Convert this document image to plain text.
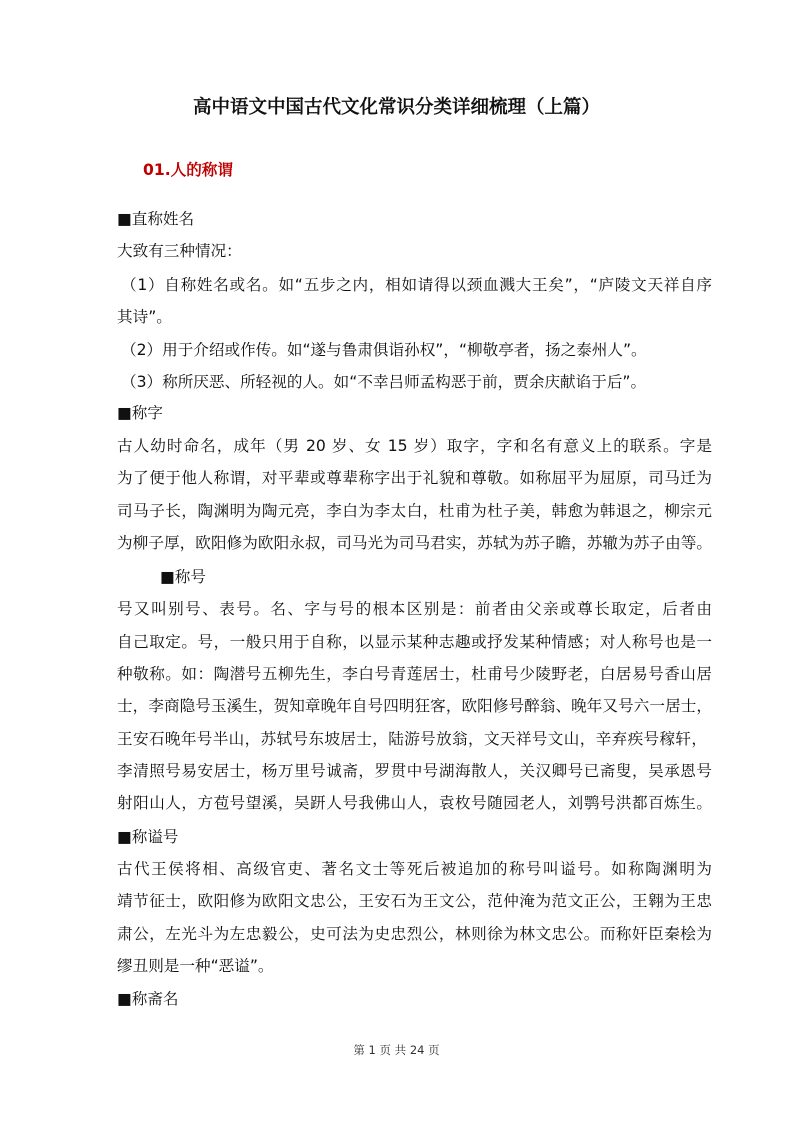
高中语文中国古代文化常识分类详细梳理（上篇）
01.人的称谓
■直称姓名
大致有三种情况：
（1）自称姓名或名。如“五步之内，相如请得以颈血溅大王矣”，“庐陵文天祥自序
其诗”。
（2）用于介绍或作传。如“遂与鲁肃俱诣孙权”，“柳敬亭者，扬之泰州人”。
（3）称所厌恶、所轻视的人。如“不幸吕师孟构恶于前，贾余庆献谄于后”。
■称字
古人幼时命名，成年（男 20 岁、女 15 岁）取字，字和名有意义上的联系。字是
为了便于他人称谓，对平辈或尊辈称字出于礼貌和尊敬。如称屈平为屈原，司马迁为
司马子长，陶渊明为陶元亮，李白为李太白，杜甫为杜子美，韩愈为韩退之，柳宗元
为柳子厚，欧阳修为欧阳永叔，司马光为司马君实，苏轼为苏子瞻，苏辙为苏子由等。
■称号
号又叫别号、表号。名、字与号的根本区别是：前者由父亲或尊长取定，后者由
自己取定。号，一般只用于自称，以显示某种志趣或抒发某种情感；对人称号也是一
种敬称。如：陶潜号五柳先生，李白号青莲居士，杜甫号少陵野老，白居易号香山居
士，李商隐号玉溪生，贺知章晚年自号四明狂客，欧阳修号醉翁、晚年又号六一居士，
王安石晚年号半山，苏轼号东坡居士，陆游号放翁，文天祥号文山，辛弃疾号稼轩，
李清照号易安居士，杨万里号诚斋，罗贯中号湖海散人，关汉卿号已斋叟，吴承恩号
射阳山人，方苞号望溪，吴趼人号我佛山人，袁枚号随园老人，刘鹗号洪都百炼生。
■称谥号
古代王侯将相、高级官吏、著名文士等死后被追加的称号叫谥号。如称陶渊明为
靖节征士，欧阳修为欧阳文忠公，王安石为王文公，范仲淹为范文正公，王翱为王忠
肃公，左光斗为左忠毅公，史可法为史忠烈公，林则徐为林文忠公。而称奸臣秦桧为
缪丑则是一种“恶谥”。
■称斋名
第 1 页 共 24 页
